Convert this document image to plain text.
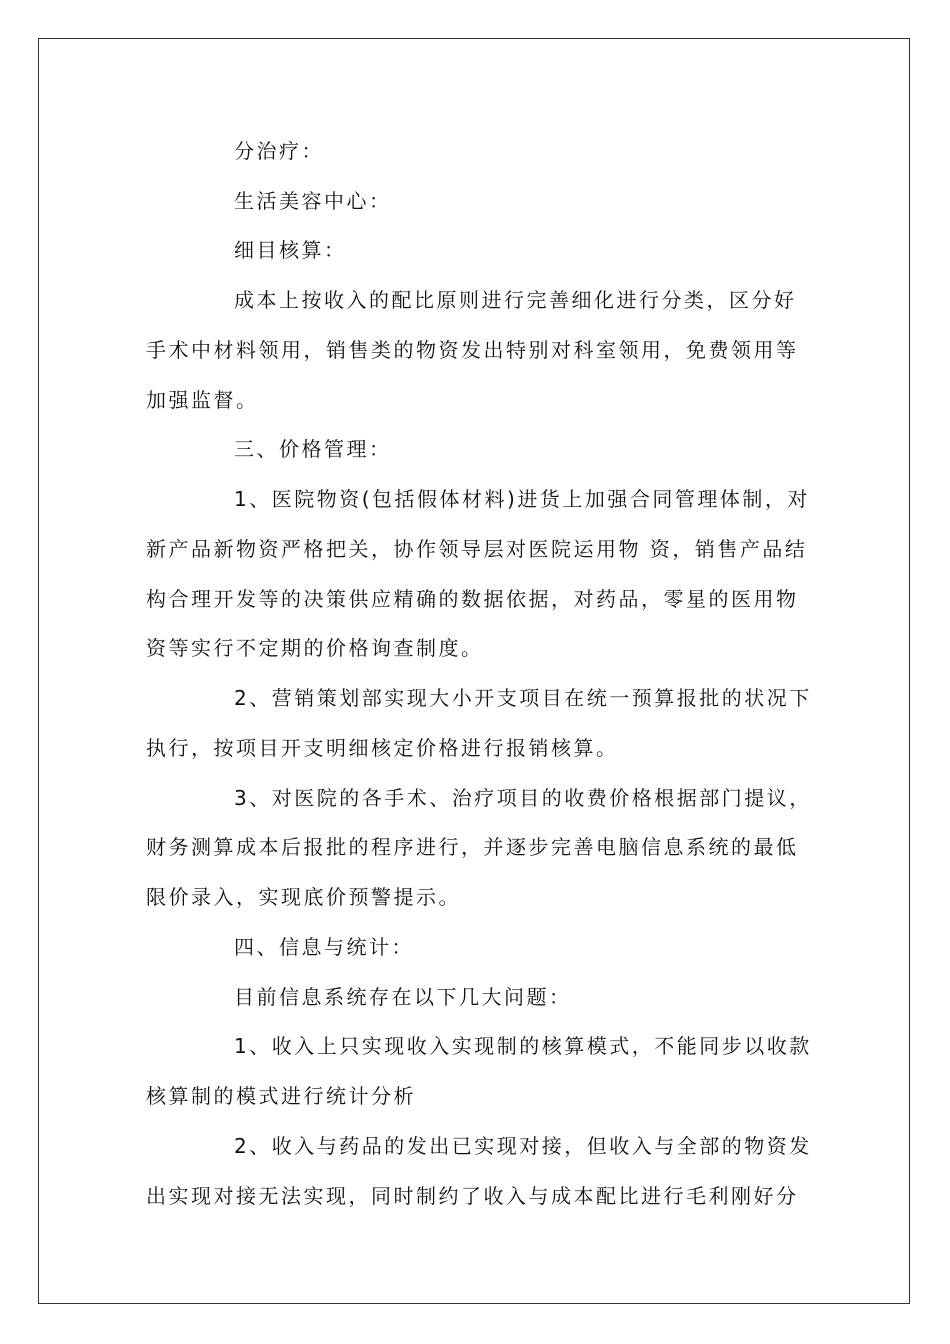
分治疗：
生活美容中心：
细目核算：
成本上按收入的配比原则进行完善细化进行分类，区分好
手术中材料领用，销售类的物资发出特别对科室领用，免费领用等
加强监督。
三、价格管理：
1、医院物资(包括假体材料)进货上加强合同管理体制，对
新产品新物资严格把关，协作领导层对医院运用物 资，销售产品结
构合理开发等的决策供应精确的数据依据，对药品，零星的医用物
资等实行不定期的价格询查制度。
2、营销策划部实现大小开支项目在统一预算报批的状况下
执行，按项目开支明细核定价格进行报销核算。
3、对医院的各手术、治疗项目的收费价格根据部门提议，
财务测算成本后报批的程序进行，并逐步完善电脑信息系统的最低
限价录入，实现底价预警提示。
四、信息与统计：
目前信息系统存在以下几大问题：
1、收入上只实现收入实现制的核算模式，不能同步以收款
核算制的模式进行统计分析
2、收入与药品的发出已实现对接，但收入与全部的物资发
出实现对接无法实现，同时制约了收入与成本配比进行毛利刚好分
